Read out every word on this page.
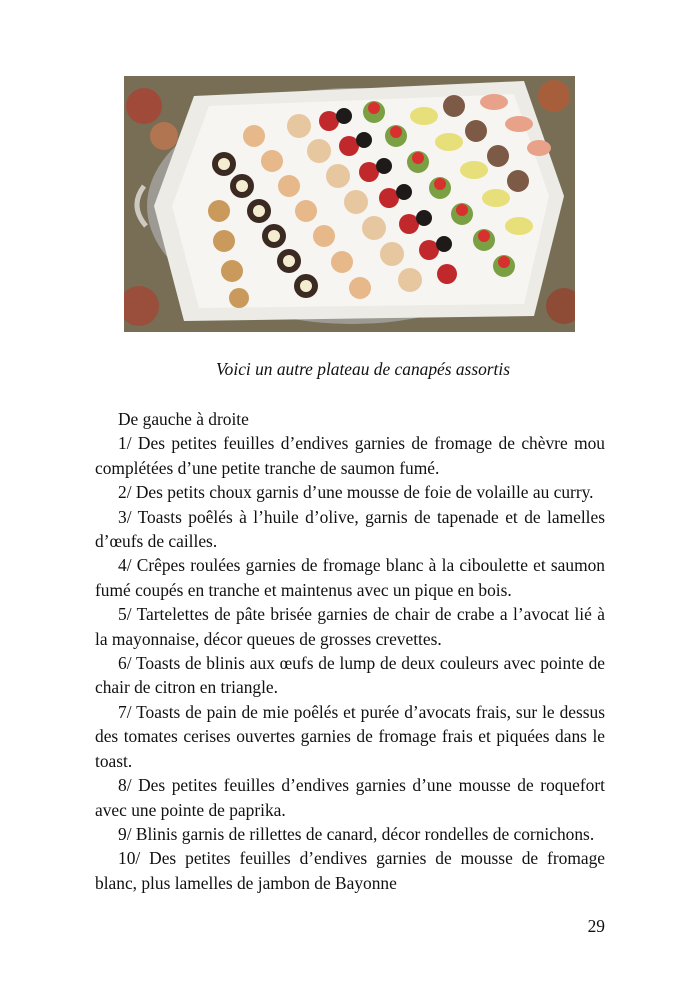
Voici un autre plateau de canapés assortis

De gauche à droite

1/ Des petites feuilles d’endives garnies de fromage de chèvre mou complétées d’une petite tranche de saumon fumé.

2/ Des petits choux garnis d’une mousse de foie de volaille au curry.

3/ Toasts poêlés à l’huile d’olive, garnis de tapenade et de lamelles d’œufs de cailles.

4/ Crêpes roulées garnies de fromage blanc à la ciboulette et saumon fumé coupés en tranche et maintenus avec un pique en bois.

5/ Tartelettes de pâte brisée garnies de chair de crabe a l’avocat lié à la mayonnaise, décor queues de grosses crevettes.

6/ Toasts de blinis aux œufs de lump de deux couleurs avec pointe de chair de citron en triangle.

7/ Toasts de pain de mie poêlés et purée d’avocats frais, sur le dessus des tomates cerises ouvertes garnies de fromage frais et piquées dans le toast.

8/ Des petites feuilles d’endives garnies d’une mousse de roquefort avec une pointe de paprika.

9/ Blinis garnis de rillettes de canard, décor rondelles de cornichons.

10/ Des petites feuilles d’endives garnies de mousse de fromage blanc, plus lamelles de jambon de Bayonne

29
